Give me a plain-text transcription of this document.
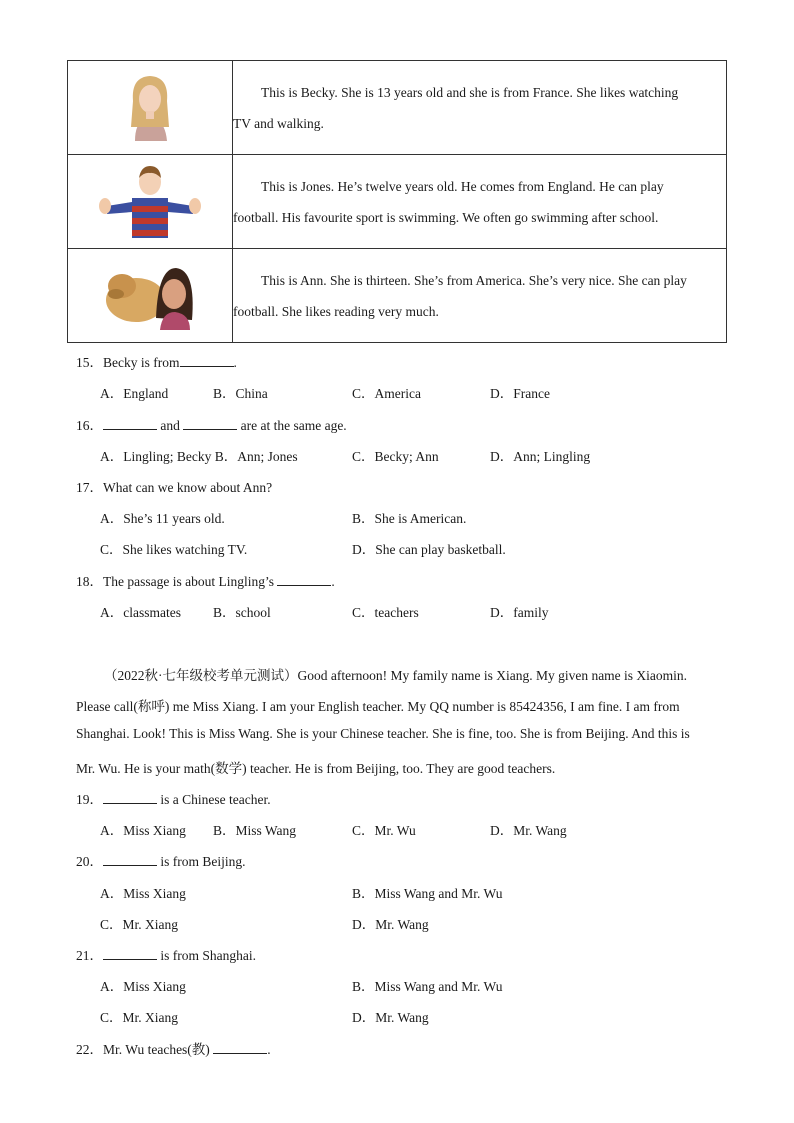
This is Becky. She is 13 years old and she is from France. She likes watching
TV and walking.

This is Jones. He’s twelve years old. He comes from England. He can play
football. His favourite sport is swimming. We often go swimming after school.

This is Ann. She is thirteen. She’s from America. She’s very nice. She can play
football. She likes reading very much.
15．Becky is from	.
A．England	B．China	C．America	D．France
16．	and	are at the same age.
A．Lingling; Becky B．Ann; Jones	C．Becky; Ann	D．Ann; Lingling
17．What can we know about Ann?
A．She’s 11 years old.	B．She is American.
C．She likes watching TV.	D．She can play basketball.
18．The passage is about Lingling’s	.
A．classmates B．school	C．teachers	D．family
（2022秋·七年级校考单元测试）Good afternoon! My family name is Xiang. My given name is Xiaomin.
Please call(称呼) me Miss Xiang. I am your English teacher. My QQ number is 85424356, I am fine. I am from
Shanghai. Look! This is Miss Wang. She is your Chinese teacher. She is fine, too. She is from Beijing. And this is
Mr. Wu. He is your math(数学) teacher. He is from Beijing, too. They are good teachers.
19．	is a Chinese teacher.
A．Miss Xiang B．Miss Wang	C．Mr. Wu	D．Mr. Wang
20．	is from Beijing.
A．Miss Xiang	B．Miss Wang and Mr. Wu
C．Mr. Xiang	D．Mr. Wang
21．	is from Shanghai.
A．Miss Xiang	B．Miss Wang and Mr. Wu
C．Mr. Xiang	D．Mr. Wang
22．Mr. Wu teaches(教)	.
